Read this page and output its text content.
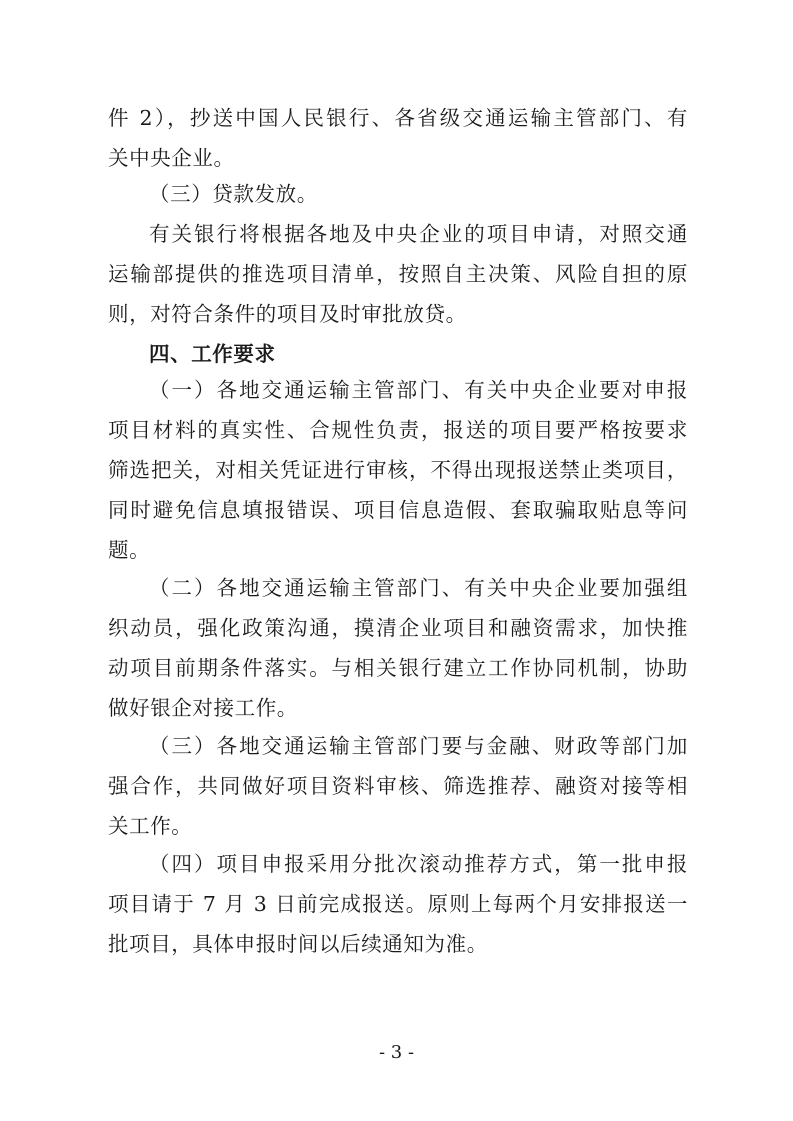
件 2），抄送中国人民银行、各省级交通运输主管部门、有
关中央企业。
（三）贷款发放。
有关银行将根据各地及中央企业的项目申请，对照交通
运输部提供的推选项目清单，按照自主决策、风险自担的原
则，对符合条件的项目及时审批放贷。
四、工作要求
（一）各地交通运输主管部门、有关中央企业要对申报
项目材料的真实性、合规性负责，报送的项目要严格按要求
筛选把关，对相关凭证进行审核，不得出现报送禁止类项目，
同时避免信息填报错误、项目信息造假、套取骗取贴息等问
题。
（二）各地交通运输主管部门、有关中央企业要加强组
织动员，强化政策沟通，摸清企业项目和融资需求，加快推
动项目前期条件落实。与相关银行建立工作协同机制，协助
做好银企对接工作。
（三）各地交通运输主管部门要与金融、财政等部门加
强合作，共同做好项目资料审核、筛选推荐、融资对接等相
关工作。
（四）项目申报采用分批次滚动推荐方式，第一批申报
项目请于 7 月 3 日前完成报送。原则上每两个月安排报送一
批项目，具体申报时间以后续通知为准。
- 3 -
